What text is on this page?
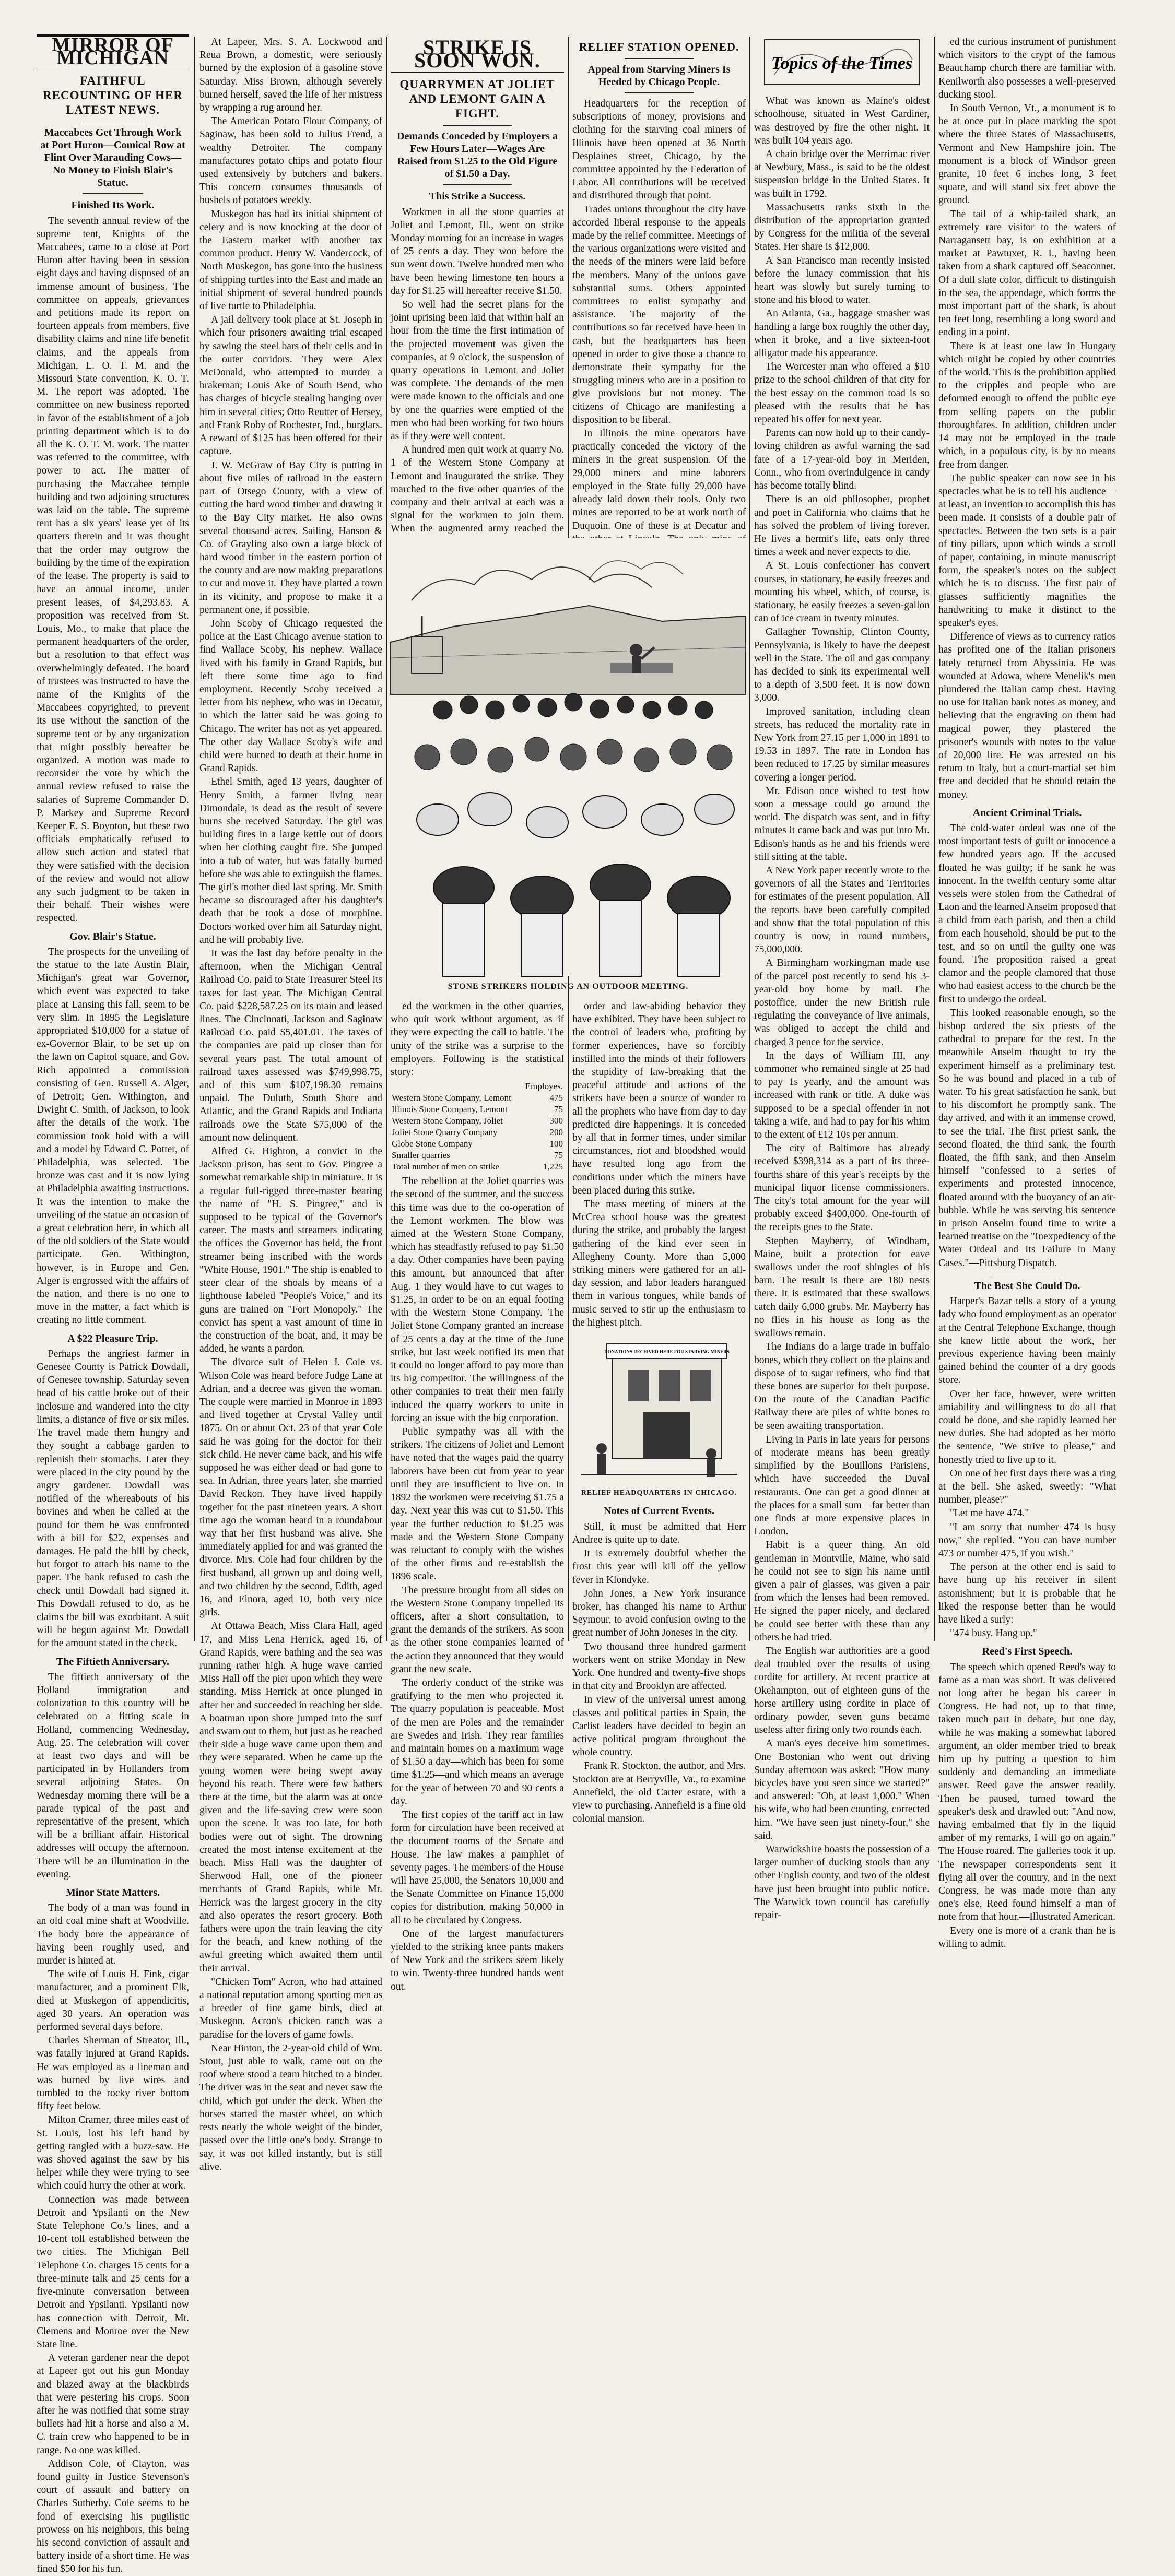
MIRROR OF MICHIGAN
FAITHFUL RECOUNTING OF HER LATEST NEWS.
Maccabees Get Through Work at Port Huron—Comical Row at Flint Over Marauding Cows—No Money to Finish Blair's Statue.
Finished Its Work.

The seventh annual review of the supreme tent, Knights of the Maccabees, came to a close at Port Huron after having been in session eight days and having disposed of an immense amount of business. The committee on appeals, grievances and petitions made its report on fourteen appeals from members, five disability claims and nine life benefit claims, and the appeals from Michigan, L. O. T. M. and the Missouri State convention, K. O. T. M. The report was adopted. The committee on new business reported in favor of the establishment of a job printing department which is to do all the K. O. T. M. work. The matter was referred to the committee, with power to act. The matter of purchasing the Maccabee temple building and two adjoining structures was laid on the table. The supreme tent has a six years' lease yet of its quarters therein and it was thought that the order may outgrow the building by the time of the expiration of the lease. The property is said to have an annual income, under present leases, of $4,293.83. A proposition was received from St. Louis, Mo., to make that place the permanent headquarters of the order, but a resolution to that effect was overwhelmingly defeated. The board of trustees was instructed to have the name of the Knights of the Maccabees copyrighted, to prevent its use without the sanction of the supreme tent or by any organization that might possibly hereafter be organized. A motion was made to reconsider the vote by which the annual review refused to raise the salaries of Supreme Commander D. P. Markey and Supreme Record Keeper E. S. Boynton, but these two officials emphatically refused to allow such action and stated that they were satisfied with the decision of the review and would not allow any such judgment to be taken in their behalf. Their wishes were respected.

Gov. Blair's Statue.

The prospects for the unveiling of the statue to the late Austin Blair, Michigan's great war Governor, which event was expected to take place at Lansing this fall, seem to be very slim. In 1895 the Legislature appropriated $10,000 for a statue of ex-Governor Blair, to be set up on the lawn on Capitol square, and Gov. Rich appointed a commission consisting of Gen. Russell A. Alger, of Detroit; Gen. Withington, and Dwight C. Smith, of Jackson, to look after the details of the work. The commission took hold with a will and a model by Edward C. Potter, of Philadelphia, was selected. The bronze was cast and it is now lying at Philadelphia awaiting instructions. It was the intention to make the unveiling of the statue an occasion of a great celebration here, in which all of the old soldiers of the State would participate. Gen. Withington, however, is in Europe and Gen. Alger is engrossed with the affairs of the nation, and there is no one to move in the matter, a fact which is creating no little comment.

A $22 Pleasure Trip.

Perhaps the angriest farmer in Genesee County is Patrick Dowdall, of Genesee township. Saturday seven head of his cattle broke out of their inclosure and wandered into the city limits, a distance of five or six miles. The travel made them hungry and they sought a cabbage garden to replenish their stomachs. Later they were placed in the city pound by the angry gardener. Dowdall was notified of the whereabouts of his bovines and when he called at the pound for them he was confronted with a bill for $22, expenses and damages. He paid the bill by check, but forgot to attach his name to the paper. The bank refused to cash the check until Dowdall had signed it. This Dowdall refused to do, as he claims the bill was exorbitant. A suit will be begun against Mr. Dowdall for the amount stated in the check.

The Fiftieth Anniversary.

The fiftieth anniversary of the Holland immigration and colonization to this country will be celebrated on a fitting scale in Holland, commencing Wednesday, Aug. 25. The celebration will cover at least two days and will be participated in by Hollanders from several adjoining States. On Wednesday morning there will be a parade typical of the past and representative of the present, which will be a brilliant affair. Historical addresses will occupy the afternoon. There will be an illumination in the evening.

Minor State Matters.

The body of a man was found in an old coal mine shaft at Woodville. The body bore the appearance of having been roughly used, and murder is hinted at.

The wife of Louis H. Fink, cigar manufacturer, and a prominent Elk, died at Muskegon of appendicitis, aged 30 years. An operation was performed several days before.

Charles Sherman of Streator, Ill., was fatally injured at Grand Rapids. He was employed as a lineman and was burned by live wires and tumbled to the rocky river bottom fifty feet below.

Milton Cramer, three miles east of St. Louis, lost his left hand by getting tangled with a buzz-saw. He was shoved against the saw by his helper while they were trying to see which could hurry the other at work.

Connection was made between Detroit and Ypsilanti on the New State Telephone Co.'s lines, and a 10-cent toll established between the two cities. The Michigan Bell Telephone Co. charges 15 cents for a three-minute talk and 25 cents for a five-minute conversation between Detroit and Ypsilanti. Ypsilanti now has connection with Detroit, Mt. Clemens and Monroe over the New State line.

A veteran gardener near the depot at Lapeer got out his gun Monday and blazed away at the blackbirds that were pestering his crops. Soon after he was notified that some stray bullets had hit a horse and also a M. C. train crew who happened to be in range. No one was killed.

Addison Cole, of Clayton, was found guilty in Justice Stevenson's court of assault and battery on Charles Sutherby. Cole seems to be fond of exercising his pugilistic prowess on his neighbors, this being his second conviction of assault and battery inside of a short time. He was fined $50 for his fun.

At Lapeer, Mrs. S. A. Lockwood and Reua Brown, a domestic, were seriously burned by the explosion of a gasoline stove Saturday. Miss Brown, although severely burned herself, saved the life of her mistress by wrapping a rug around her.

The American Potato Flour Company, of Saginaw, has been sold to Julius Frend, a wealthy Detroiter. The company manufactures potato chips and potato flour used extensively by butchers and bakers. This concern consumes thousands of bushels of potatoes weekly.

Muskegon has had its initial shipment of celery and is now knocking at the door of the Eastern market with another tax common product. Henry W. Vandercock, of North Muskegon, has gone into the business of shipping turtles into the East and made an initial shipment of several hundred pounds of live turtle to Philadelphia.

A jail delivery took place at St. Joseph in which four prisoners awaiting trial escaped by sawing the steel bars of their cells and in the outer corridors. They were Alex McDonald, who attempted to murder a brakeman; Louis Ake of South Bend, who has charges of bicycle stealing hanging over him in several cities; Otto Reutter of Hersey, and Frank Roby of Rochester, Ind., burglars. A reward of $125 has been offered for their capture.

J. W. McGraw of Bay City is putting in about five miles of railroad in the eastern part of Otsego County, with a view of cutting the hard wood timber and drawing it to the Bay City market. He also owns several thousand acres. Sailing, Hanson & Co. of Grayling also own a large block of hard wood timber in the eastern portion of the county and are now making preparations to cut and move it. They have platted a town in its vicinity, and propose to make it a permanent one, if possible.

John Scoby of Chicago requested the police at the East Chicago avenue station to find Wallace Scoby, his nephew. Wallace lived with his family in Grand Rapids, but left there some time ago to find employment. Recently Scoby received a letter from his nephew, who was in Decatur, in which the latter said he was going to Chicago. The writer has not as yet appeared. The other day Wallace Scoby's wife and child were burned to death at their home in Grand Rapids.

Ethel Smith, aged 13 years, daughter of Henry Smith, a farmer living near Dimondale, is dead as the result of severe burns she received Saturday. The girl was building fires in a large kettle out of doors when her clothing caught fire. She jumped into a tub of water, but was fatally burned before she was able to extinguish the flames. The girl's mother died last spring. Mr. Smith became so discouraged after his daughter's death that he took a dose of morphine. Doctors worked over him all Saturday night, and he will probably live.

It was the last day before penalty in the afternoon, when the Michigan Central Railroad Co. paid to State Treasurer Steel its taxes for last year. The Michigan Central Co. paid $228,587.25 on its main and leased lines. The Cincinnati, Jackson and Saginaw Railroad Co. paid $5,401.01. The taxes of the companies are paid up closer than for several years past. The total amount of railroad taxes assessed was $749,998.75, and of this sum $107,198.30 remains unpaid. The Duluth, South Shore and Atlantic, and the Grand Rapids and Indiana railroads owe the State $75,000 of the amount now delinquent.

Alfred G. Highton, a convict in the Jackson prison, has sent to Gov. Pingree a somewhat remarkable ship in miniature. It is a regular full-rigged three-master bearing the name of "H. S. Pingree," and is supposed to be typical of the Governor's career. The masts and streamers indicating the offices the Governor has held, the front streamer being inscribed with the words "White House, 1901." The ship is enabled to steer clear of the shoals by means of a lighthouse labeled "People's Voice," and its guns are trained on "Fort Monopoly." The convict has spent a vast amount of time in the construction of the boat, and, it may be added, he wants a pardon.

The divorce suit of Helen J. Cole vs. Wilson Cole was heard before Judge Lane at Adrian, and a decree was given the woman. The couple were married in Monroe in 1893 and lived together at Crystal Valley until 1875. On or about Oct. 23 of that year Cole said he was going for the doctor for their sick child. He never came back, and his wife supposed he was either dead or had gone to sea. In Adrian, three years later, she married David Reckon. They have lived happily together for the past nineteen years. A short time ago the woman heard in a roundabout way that her first husband was alive. She immediately applied for and was granted the divorce. Mrs. Cole had four children by the first husband, all grown up and doing well, and two children by the second, Edith, aged 16, and Elnora, aged 10, both very nice girls.

At Ottawa Beach, Miss Clara Hall, aged 17, and Miss Lena Herrick, aged 16, of Grand Rapids, were bathing and the sea was running rather high. A huge wave carried Miss Hall off the pier upon which they were standing. Miss Herrick at once plunged in after her and succeeded in reaching her side. A boatman upon shore jumped into the surf and swam out to them, but just as he reached their side a huge wave came upon them and they were separated. When he came up the young women were being swept away beyond his reach. There were few bathers there at the time, but the alarm was at once given and the life-saving crew were soon upon the scene. It was too late, for both bodies were out of sight. The drowning created the most intense excitement at the beach. Miss Hall was the daughter of Sherwood Hall, one of the pioneer merchants of Grand Rapids, while Mr. Herrick was the largest grocery in the city and also operates the resort grocery. Both fathers were upon the train leaving the city for the beach, and knew nothing of the awful greeting which awaited them until their arrival.

"Chicken Tom" Acron, who had attained a national reputation among sporting men as a breeder of fine game birds, died at Muskegon. Acron's chicken ranch was a paradise for the lovers of game fowls.

Near Hinton, the 2-year-old child of Wm. Stout, just able to walk, came out on the roof where stood a team hitched to a binder. The driver was in the seat and never saw the child, which got under the deck. When the horses started the master wheel, on which rests nearly the whole weight of the binder, passed over the little one's body. Strange to say, it was not killed instantly, but is still alive.

STRIKE IS SOON WON.
QUARRYMEN AT JOLIET AND LEMONT GAIN A FIGHT.
Demands Conceded by Employers a Few Hours Later—Wages Are Raised from $1.25 to the Old Figure of $1.50 a Day.
This Strike a Success.

Workmen in all the stone quarries at Joliet and Lemont, Ill., went on strike Monday morning for an increase in wages of 25 cents a day. They won before the sun went down. Twelve hundred men who have been hewing limestone ten hours a day for $1.25 will hereafter receive $1.50.

So well had the secret plans for the joint uprising been laid that within half an hour from the time the first intimation of the projected movement was given the companies, at 9 o'clock, the suspension of quarry operations in Lemont and Joliet was complete. The demands of the men were made known to the officials and one by one the quarries were emptied of the men who had been working for two hours as if they were well content.

A hundred men quit work at quarry No. 1 of the Western Stone Company at Lemont and inaugurated the strike. They marched to the five other quarries of the company and their arrival at each was a signal for the workmen to join them. When the augmented army reached the

RELIEF STATION OPENED.
Appeal from Starving Miners Is Heeded by Chicago People.

Headquarters for the reception of subscriptions of money, provisions and clothing for the starving coal miners of Illinois have been opened at 36 North Desplaines street, Chicago, by the committee appointed by the Federation of Labor. All contributions will be received and distributed through that point.

Trades unions throughout the city have accorded liberal response to the appeals made by the relief committee. Meetings of the various organizations were visited and the needs of the miners were laid before the members. Many of the unions gave substantial sums. Others appointed committees to enlist sympathy and assistance. The majority of the contributions so far received have been in cash, but the headquarters has been opened in order to give those a chance to demonstrate their sympathy for the struggling miners who are in a position to give provisions but not money. The citizens of Chicago are manifesting a disposition to be liberal.

In Illinois the mine operators have practically conceded the victory of the miners in the great suspension. Of the 29,000 miners and mine laborers employed in the State fully 29,000 have already laid down their tools. Only two mines are reported to be at work north of Duquoin. One of these is at Decatur and

STONE STRIKERS HOLDING AN OUTDOOR MEETING.

ed the workmen in the other quarries, who quit work without argument, as if they were expecting the call to battle. The unity of the strike was a surprise to the employers. Following is the statistical story:

	Employes.
Western Stone Company, Lemont	475
Illinois Stone Company, Lemont	75
Western Stone Company, Joliet	300
Joliet Stone Quarry Company	200
Globe Stone Company	100
Smaller quarries	75
Total number of men on strike	1,225

The rebellion at the Joliet quarries was the second of the summer, and the success this time was due to the co-operation of the Lemont workmen. The blow was aimed at the Western Stone Company, which has steadfastly refused to pay $1.50 a day. Other companies have been paying this amount, but announced that after Aug. 1 they would have to cut wages to $1.25, in order to be on an equal footing with the Western Stone Company. The Joliet Stone Company granted an increase of 25 cents a day at the time of the June strike, but last week notified its men that it could no longer afford to pay more than its big competitor. The willingness of the other companies to treat their men fairly induced the quarry workers to unite in forcing an issue with the big corporation.

Public sympathy was all with the strikers. The citizens of Joliet and Lemont have noted that the wages paid the quarry laborers have been cut from year to year until they are insufficient to live on. In 1892 the workmen were receiving $1.75 a day. Next year this was cut to $1.50. This year the further reduction to $1.25 was made and the Western Stone Company was reluctant to comply with the wishes of the other firms and re-establish the 1896 scale.

The pressure brought from all sides on the Western Stone Company impelled its officers, after a short consultation, to grant the demands of the strikers. As soon as the other stone companies learned of the action they announced that they would grant the new scale.

The orderly conduct of the strike was gratifying to the men who projected it. The quarry population is peaceable. Most of the men are Poles and the remainder are Swedes and Irish. They rear families and maintain homes on a maximum wage of $1.50 a day—which has been for some time $1.25—and which means an average for the year of between 70 and 90 cents a day.

The first copies of the tariff act in law form for circulation have been received at the document rooms of the Senate and House. The law makes a pamphlet of seventy pages. The members of the House will have 25,000, the Senators 10,000 and the Senate Committee on Finance 15,000 copies for distribution, making 50,000 in all to be circulated by Congress.

One of the largest manufacturers yielded to the striking knee pants makers of New York and the strikers seem likely to win. Twenty-three hundred hands went out.

order and law-abiding behavior they have exhibited. They have been subject to the control of leaders who, profiting by former experiences, have so forcibly instilled into the minds of their followers the stupidity of law-breaking that the peaceful attitude and actions of the strikers have been a source of wonder to all the prophets who have from day to day predicted dire happenings. It is conceded by all that in former times, under similar circumstances, riot and bloodshed would have resulted long ago from the conditions under which the miners have been placed during this strike.

The mass meeting of miners at the McCrea school house was the greatest during the strike, and probably the largest gathering of the kind ever seen in Allegheny County. More than 5,000 striking miners were gathered for an all-day session, and labor leaders harangued them in various tongues, while bands of music served to stir up the enthusiasm to the highest pitch.

DONATIONS RECEIVED HERE FOR STARVING MINERS
RELIEF HEADQUARTERS IN CHICAGO.
Notes of Current Events.

Still, it must be admitted that Herr Andree is quite up to date.

It is extremely doubtful whether the frost this year will kill off the yellow fever in Klondyke.

John Jones, a New York insurance broker, has changed his name to Arthur Seymour, to avoid confusion owing to the great number of John Joneses in the city.

Two thousand three hundred garment workers went on strike Monday in New York. One hundred and twenty-five shops in that city and Brooklyn are affected.

In view of the universal unrest among classes and political parties in Spain, the Carlist leaders have decided to begin an active political program throughout the whole country.

Frank R. Stockton, the author, and Mrs. Stockton are at Berryville, Va., to examine Annefield, the old Carter estate, with a view to purchasing. Annefield is a fine old colonial mansion.

Topics of the Times

What was known as Maine's oldest schoolhouse, situated in West Gardiner, was destroyed by fire the other night. It was built 104 years ago.

A chain bridge over the Merrimac river at Newbury, Mass., is said to be the oldest suspension bridge in the United States. It was built in 1792.

Massachusetts ranks sixth in the distribution of the appropriation granted by Congress for the militia of the several States. Her share is $12,000.

A San Francisco man recently insisted before the lunacy commission that his heart was slowly but surely turning to stone and his blood to water.

An Atlanta, Ga., baggage smasher was handling a large box roughly the other day, when it broke, and a live sixteen-foot alligator made his appearance.

The Worcester man who offered a $10 prize to the school children of that city for the best essay on the common toad is so pleased with the results that he has repeated his offer for next year.

Parents can now hold up to their candy-loving children as awful warning the sad fate of a 17-year-old boy in Meriden, Conn., who from overindulgence in candy has become totally blind.

There is an old philosopher, prophet and poet in California who claims that he has solved the problem of living forever. He lives a hermit's life, eats only three times a week and never expects to die.

A St. Louis confectioner has convert courses, in stationary, he easily freezes and mounting his wheel, which, of course, is stationary, he easily freezes a seven-gallon can of ice cream in twenty minutes.

Gallagher Township, Clinton County, Pennsylvania, is likely to have the deepest well in the State. The oil and gas company has decided to sink its experimental well to a depth of 3,500 feet. It is now down 3,000.

Improved sanitation, including clean streets, has reduced the mortality rate in New York from 27.15 per 1,000 in 1891 to 19.53 in 1897. The rate in London has been reduced to 17.25 by similar measures covering a longer period.

Mr. Edison once wished to test how soon a message could go around the world. The dispatch was sent, and in fifty minutes it came back and was put into Mr. Edison's hands as he and his friends were still sitting at the table.

A New York paper recently wrote to the governors of all the States and Territories for estimates of the present population. All the reports have been carefully compiled and show that the total population of this country is now, in round numbers, 75,000,000.

A Birmingham workingman made use of the parcel post recently to send his 3-year-old boy home by mail. The postoffice, under the new British rule regulating the conveyance of live animals, was obliged to accept the child and charged 3 pence for the service.

In the days of William III, any commoner who remained single at 25 had to pay 1s yearly, and the amount was increased with rank or title. A duke was supposed to be a special offender in not taking a wife, and had to pay for his whim to the extent of £12 10s per annum.

The city of Baltimore has already received $398,314 as a part of its three-fourths share of this year's receipts by the municipal liquor license commissioners. The city's total amount for the year will probably exceed $400,000. One-fourth of the receipts goes to the State.

Stephen Mayberry, of Windham, Maine, built a protection for eave swallows under the roof shingles of his barn. The result is there are 180 nests there. It is estimated that these swallows catch daily 6,000 grubs. Mr. Mayberry has no flies in his house as long as the swallows remain.

The Indians do a large trade in buffalo bones, which they collect on the plains and dispose of to sugar refiners, who find that these bones are superior for their purpose. On the route of the Canadian Pacific Railway there are piles of white bones to be seen awaiting transportation.

Living in Paris in late years for persons of moderate means has been greatly simplified by the Bouillons Parisiens, which have succeeded the Duval restaurants. One can get a good dinner at the places for a small sum—far better than one finds at more expensive places in London.

Habit is a queer thing. An old gentleman in Montville, Maine, who said he could not see to sign his name until given a pair of glasses, was given a pair from which the lenses had been removed. He signed the paper nicely, and declared he could see better with these than any others he had tried.

The English war authorities are a good deal troubled over the results of using cordite for artillery. At recent practice at Okehampton, out of eighteen guns of the horse artillery using cordite in place of ordinary powder, seven guns became useless after firing only two rounds each.

A man's eyes deceive him sometimes. One Bostonian who went out driving Sunday afternoon was asked: "How many bicycles have you seen since we started?" and answered: "Oh, at least 1,000." When his wife, who had been counting, corrected him. "We have seen just ninety-four," she said.

Warwickshire boasts the possession of a larger number of ducking stools than any other English county, and two of the oldest have just been brought into public notice. The Warwick town council has carefully repair-

ed the curious instrument of punishment which visitors to the crypt of the famous Beauchamp church there are familiar with. Kenilworth also possesses a well-preserved ducking stool.

In South Vernon, Vt., a monument is to be at once put in place marking the spot where the three States of Massachusetts, Vermont and New Hampshire join. The monument is a block of Windsor green granite, 10 feet 6 inches long, 3 feet square, and will stand six feet above the ground.

The tail of a whip-tailed shark, an extremely rare visitor to the waters of Narragansett bay, is on exhibition at a market at Pawtuxet, R. I., having been taken from a shark captured off Seaconnet. Of a dull slate color, difficult to distinguish in the sea, the appendage, which forms the most important part of the shark, is about ten feet long, resembling a long sword and ending in a point.

There is at least one law in Hungary which might be copied by other countries of the world. This is the prohibition applied to the cripples and people who are deformed enough to offend the public eye from selling papers on the public thoroughfares. In addition, children under 14 may not be employed in the trade which, in a populous city, is by no means free from danger.

The public speaker can now see in his spectacles what he is to tell his audience—at least, an invention to accomplish this has been made. It consists of a double pair of spectacles. Between the two sets is a pair of tiny pillars, upon which winds a scroll of paper, containing, in minute manuscript form, the speaker's notes on the subject which he is to discuss. The first pair of glasses sufficiently magnifies the handwriting to make it distinct to the speaker's eyes.

Difference of views as to currency ratios has profited one of the Italian prisoners lately returned from Abyssinia. He was wounded at Adowa, where Menelik's men plundered the Italian camp chest. Having no use for Italian bank notes as money, and believing that the engraving on them had magical power, they plastered the prisoner's wounds with notes to the value of 20,000 lire. He was arrested on his return to Italy, but a court-martial set him free and decided that he should retain the money.

Ancient Criminal Trials.

The cold-water ordeal was one of the most important tests of guilt or innocence a few hundred years ago. If the accused floated he was guilty; if he sank he was innocent. In the twelfth century some altar vessels were stolen from the Cathedral of Laon and the learned Anselm proposed that a child from each parish, and then a child from each household, should be put to the test, and so on until the guilty one was found. The proposition raised a great clamor and the people clamored that those who had easiest access to the church be the first to undergo the ordeal.

This looked reasonable enough, so the bishop ordered the six priests of the cathedral to prepare for the test. In the meanwhile Anselm thought to try the experiment himself as a preliminary test. So he was bound and placed in a tub of water. To his great satisfaction he sank, but to his discomfort he promptly sank. The day arrived, and with it an immense crowd, to see the trial. The first priest sank, the second floated, the third sank, the fourth floated, the fifth sank, and then Anselm himself "confessed to a series of experiments and protested innocence, floated around with the buoyancy of an air-bubble. While he was serving his sentence in prison Anselm found time to write a learned treatise on the "Inexpediency of the Water Ordeal and Its Failure in Many Cases."—Pittsburg Dispatch.

The Best She Could Do.

Harper's Bazar tells a story of a young lady who found employment as an operator at the Central Telephone Exchange, though she knew little about the work, her previous experience having been mainly gained behind the counter of a dry goods store.

Over her face, however, were written amiability and willingness to do all that could be done, and she rapidly learned her new duties. She had adopted as her motto the sentence, "We strive to please," and honestly tried to live up to it.

On one of her first days there was a ring at the bell. She asked, sweetly: "What number, please?"

"Let me have 474."

"I am sorry that number 474 is busy now," she replied. "You can have number 473 or number 475, if you wish."

The person at the other end is said to have hung up his receiver in silent astonishment; but it is probable that he liked the response better than he would have liked a surly:

"474 busy. Hang up."

Reed's First Speech.

The speech which opened Reed's way to fame as a man was short. It was delivered not long after he began his career in Congress. He had not, up to that time, taken much part in debate, but one day, while he was making a somewhat labored argument, an older member tried to break him up by putting a question to him suddenly and demanding an immediate answer. Reed gave the answer readily. Then he paused, turned toward the speaker's desk and drawled out: "And now, having embalmed that fly in the liquid amber of my remarks, I will go on again." The House roared. The galleries took it up. The newspaper correspondents sent it flying all over the country, and in the next Congress, he was made more than any one's else, Reed found himself a man of note from that hour.—Illustrated American.

Every one is more of a crank than he is willing to admit.
